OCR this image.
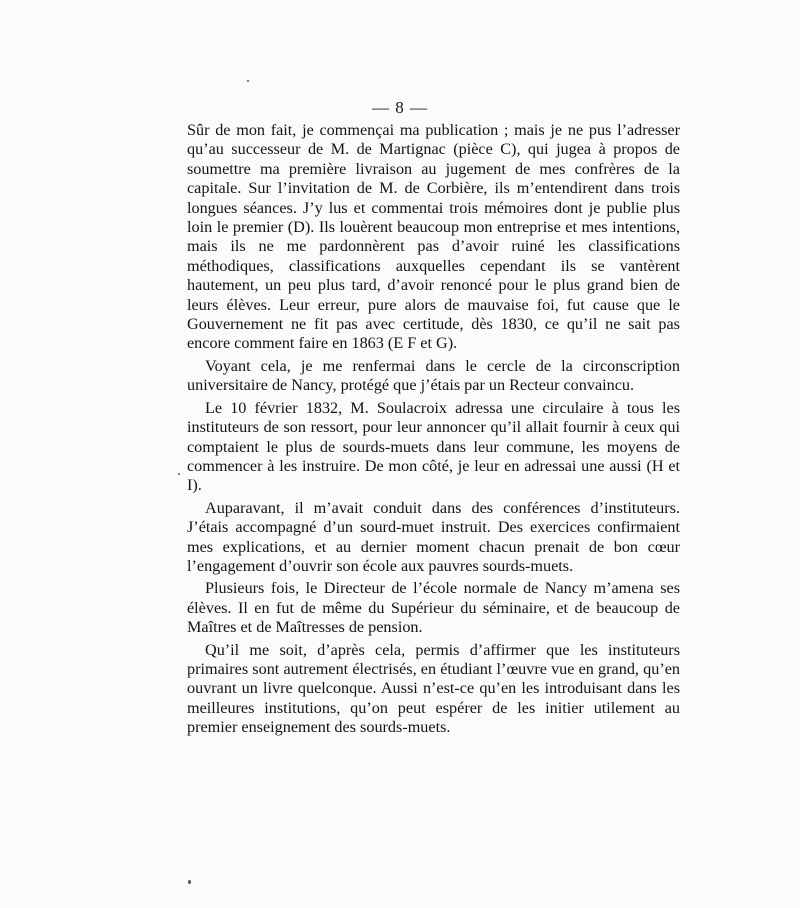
— 8 —

Sûr de mon fait, je commençai ma publication ; mais je ne pus l’adresser qu’au successeur de M. de Martignac (pièce C), qui jugea à propos de soumettre ma première livraison au jugement de mes confrères de la capitale. Sur l’invitation de M. de Corbière, ils m’entendirent dans trois longues séances. J’y lus et commentai trois mémoires dont je publie plus loin le premier (D). Ils louèrent beaucoup mon entreprise et mes intentions, mais ils ne me pardonnèrent pas d’avoir ruiné les classifications méthodiques, classifications auxquelles cependant ils se vantèrent hautement, un peu plus tard, d’avoir renoncé pour le plus grand bien de leurs élèves. Leur erreur, pure alors de mauvaise foi, fut cause que le Gouvernement ne fit pas avec certitude, dès 1830, ce qu’il ne sait pas encore comment faire en 1863 (E F et G).

Voyant cela, je me renfermai dans le cercle de la circonscription universitaire de Nancy, protégé que j’étais par un Recteur convaincu.

Le 10 février 1832, M. Soulacroix adressa une circulaire à tous les instituteurs de son ressort, pour leur annoncer qu’il allait fournir à ceux qui comptaient le plus de sourds-muets dans leur commune, les moyens de commencer à les instruire. De mon côté, je leur en adressai une aussi (H et I).

Auparavant, il m’avait conduit dans des conférences d’instituteurs. J’étais accompagné d’un sourd-muet instruit. Des exercices confirmaient mes explications, et au dernier moment chacun prenait de bon cœur l’engagement d’ouvrir son école aux pauvres sourds-muets.

Plusieurs fois, le Directeur de l’école normale de Nancy m’amena ses élèves. Il en fut de même du Supérieur du séminaire, et de beaucoup de Maîtres et de Maîtresses de pension.

Qu’il me soit, d’après cela, permis d’affirmer que les instituteurs primaires sont autrement électrisés, en étudiant l’œuvre vue en grand, qu’en ouvrant un livre quelconque. Aussi n’est-ce qu’en les introduisant dans les meilleures institutions, qu’on peut espérer de les initier utilement au premier enseignement des sourds-muets.
